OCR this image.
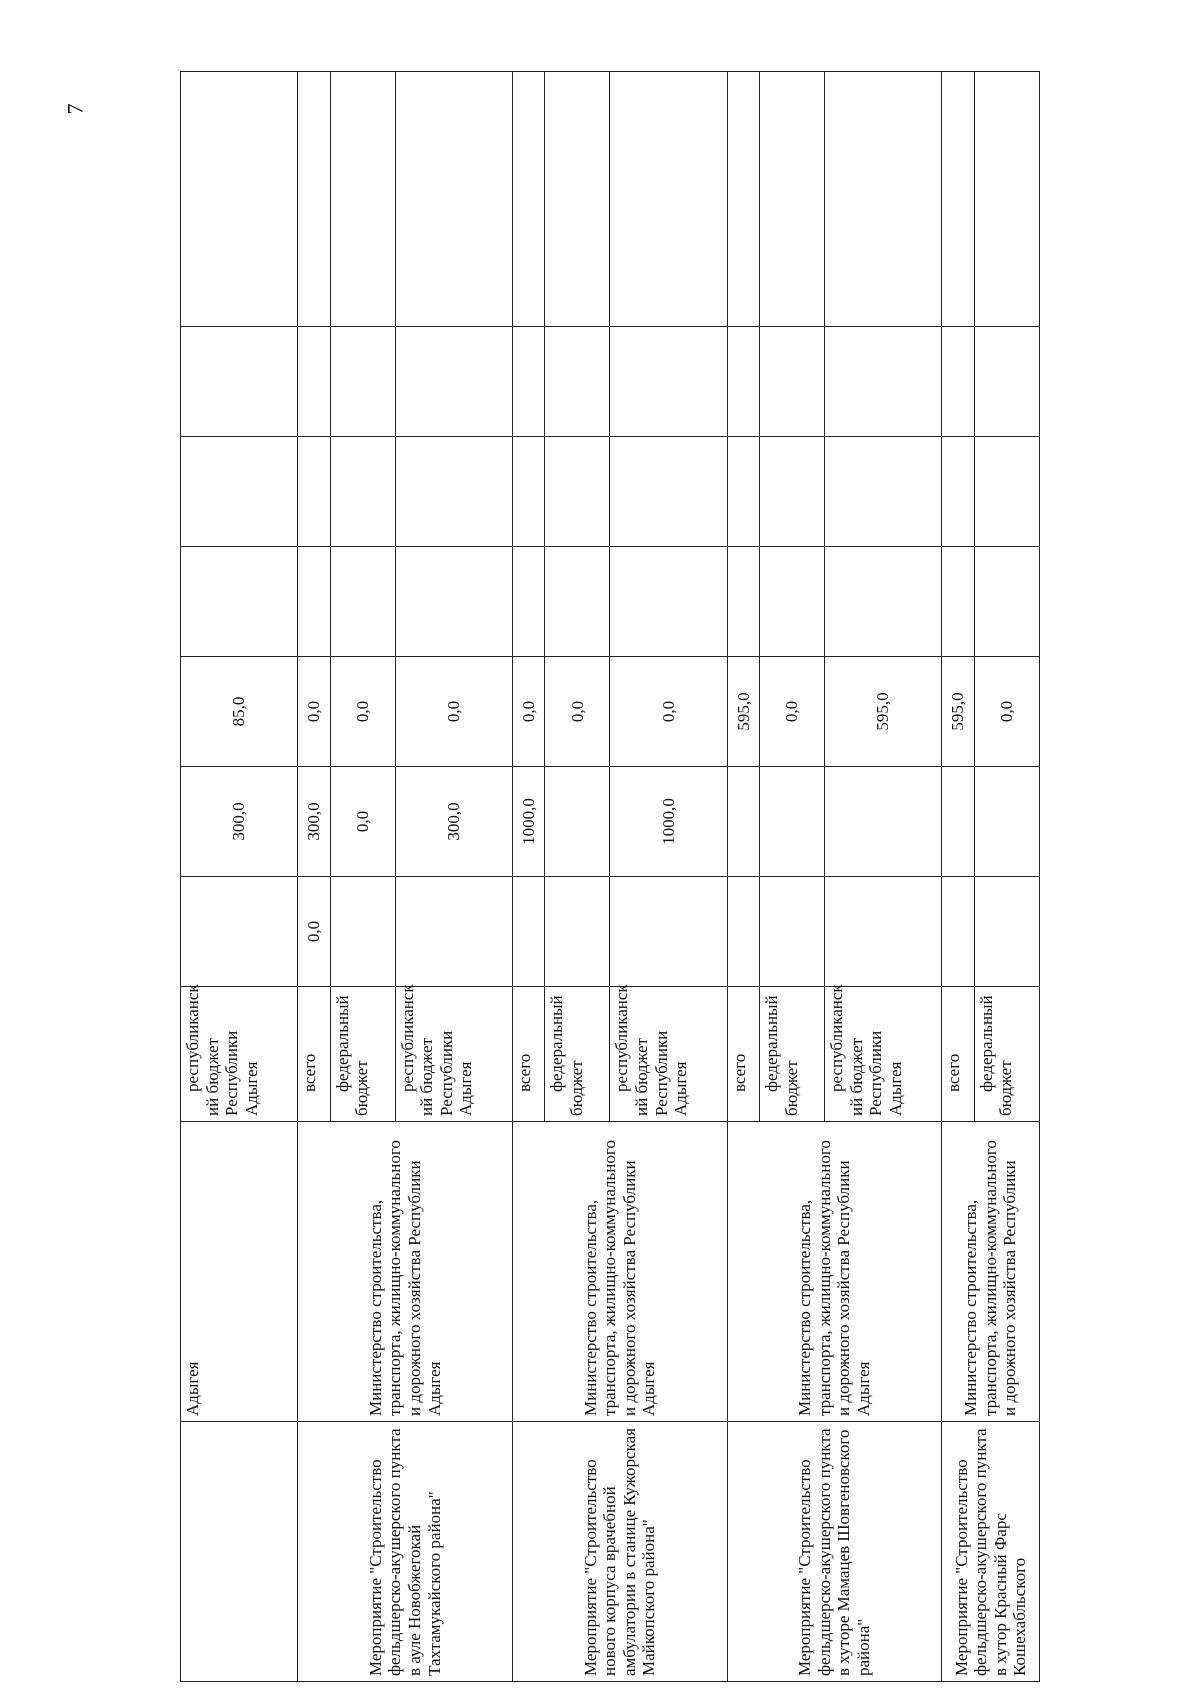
7
	Адыгея	республиканск ий бюджет Республики Адыгея		300,0	85,0				
Мероприятие "Строительство фельдшерско-акушерского пункта в ауле Новобжегокай Тахтамукайского района"	Министерство строительства, транспорта, жилищно-коммунального и дорожного хозяйства Республики Адыгея	всего	0,0	300,0	0,0				
		федеральный бюджет		0,0	0,0				
		республиканск ий бюджет Республики Адыгея		300,0	0,0				
Мероприятие "Строительство нового корпуса врачебной амбулатории в станице Кужорская Майкопского района"	Министерство строительства, транспорта, жилищно-коммунального и дорожного хозяйства Республики Адыгея	всего		1000,0	0,0				
		федеральный бюджет			0,0				
		республиканск ий бюджет Республики Адыгея		1000,0	0,0				
Мероприятие "Строительство фельдшерско-акушерского пункта в хуторе Мамацев Шовгеновского района"	Министерство строительства, транспорта, жилищно-коммунального и дорожного хозяйства Республики Адыгея	всего			595,0				
		федеральный бюджет			0,0				
		республиканск ий бюджет Республики Адыгея			595,0				
Мероприятие "Строительство фельдшерско-акушерского пункта в хутор Красный Фарс Кошехабльского	Министерство строительства, транспорта, жилищно-коммунального и дорожного хозяйства Республики	всего			595,0				
		федеральный бюджет			0,0				
